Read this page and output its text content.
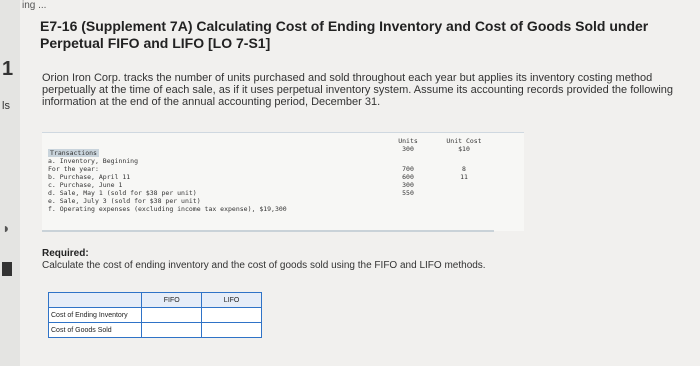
1
ls
◗
ing ...
E7-16 (Supplement 7A) Calculating Cost of Ending Inventory and Cost of Goods Sold under Perpetual FIFO and LIFO [LO 7-S1]
Orion Iron Corp. tracks the number of units purchased and sold throughout each year but applies its inventory costing method perpetually at the time of each sale, as if it uses perpetual inventory system. Assume its accounting records provided the following information at the end of the annual accounting period, December 31.

Transactions
a. Inventory, Beginning
For the year:
b. Purchase, April 11
c. Purchase, June 1
d. Sale, May 1 (sold for $38 per unit)
e. Sale, July 3 (sold for $38 per unit)
f. Operating expenses (excluding income tax expense), $19,300
Units
300
700
600
300
550
Unit Cost
$10
8
11
Required:
Calculate the cost of ending inventory and the cost of goods sold using the FIFO and LIFO methods.
FIFO	LIFO
Cost of Ending Inventory
Cost of Goods Sold
